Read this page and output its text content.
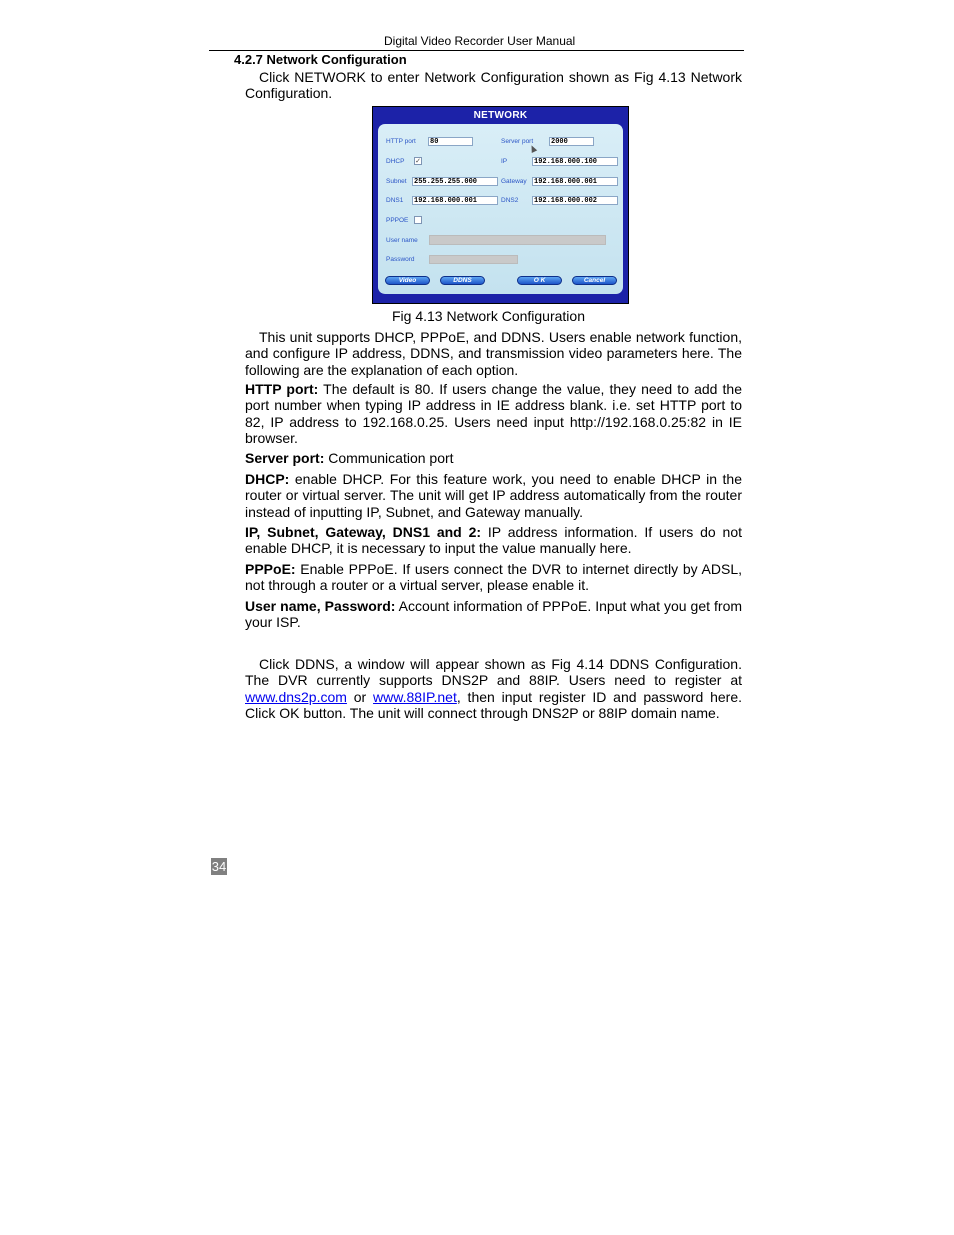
Digital Video Recorder User Manual
4.2.7 Network Configuration
Click NETWORK to enter Network Configuration shown as Fig 4.13 Network Configuration.
NETWORK
HTTP port 80	Server port	2000
DHCP ✓	IP	192.168.000.100
Subnet 255.255.255.000	Gateway 192.168.000.001
DNS1 192.168.000.001	DNS2 192.168.000.002
PPPOE
User name
Password
Video	DDNS	O K	Cancel
Fig 4.13 Network Configuration
This unit supports DHCP, PPPoE, and DDNS. Users enable network function, and configure IP address, DDNS, and transmission video parameters here. The following are the explanation of each option.
HTTP port: The default is 80. If users change the value, they need to add the port number when typing IP address in IE address blank. i.e. set HTTP port to 82, IP address to 192.168.0.25. Users need input http://192.168.0.25:82 in IE browser.
Server port: Communication port
DHCP: enable DHCP. For this feature work, you need to enable DHCP in the router or virtual server. The unit will get IP address automatically from the router instead of inputting IP, Subnet, and Gateway manually.
IP, Subnet, Gateway, DNS1 and 2: IP address information. If users do not enable DHCP, it is necessary to input the value manually here.
PPPoE: Enable PPPoE. If users connect the DVR to internet directly by ADSL, not through a router or a virtual server, please enable it.
User name, Password: Account information of PPPoE. Input what you get from your ISP.
Click DDNS, a window will appear shown as Fig 4.14 DDNS Configuration. The DVR currently supports DNS2P and 88IP. Users need to register at www.dns2p.com or www.88IP.net, then input register ID and password here. Click OK button. The unit will connect through DNS2P or 88IP domain name.
34
